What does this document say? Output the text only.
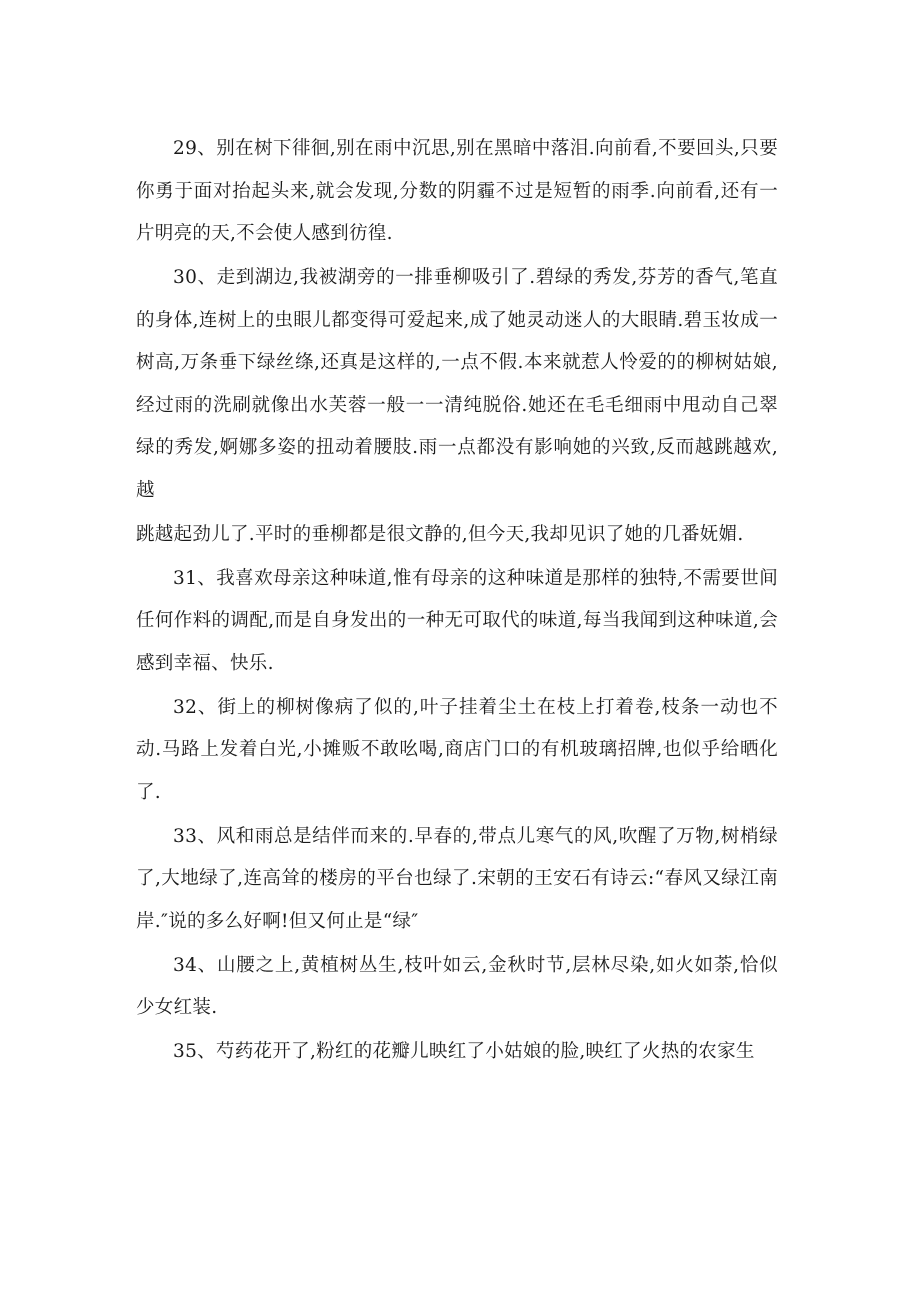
29、别在树下徘徊,别在雨中沉思,别在黑暗中落泪.向前看,不要回头,只要你勇于面对抬起头来,就会发现,分数的阴霾不过是短暂的雨季.向前看,还有一片明亮的天,不会使人感到彷徨.

30、走到湖边,我被湖旁的一排垂柳吸引了.碧绿的秀发,芬芳的香气,笔直的身体,连树上的虫眼儿都变得可爱起来,成了她灵动迷人的大眼睛.碧玉妆成一树高,万条垂下绿丝绦,还真是这样的,一点不假.本来就惹人怜爱的的柳树姑娘,经过雨的洗刷就像出水芙蓉一般一一清纯脱俗.她还在毛毛细雨中甩动自己翠绿的秀发,婀娜多姿的扭动着腰肢.雨一点都没有影响她的兴致,反而越跳越欢,越

跳越起劲儿了.平时的垂柳都是很文静的,但今天,我却见识了她的几番妩媚.

31、我喜欢母亲这种味道,惟有母亲的这种味道是那样的独特,不需要世间任何作料的调配,而是自身发出的一种无可取代的味道,每当我闻到这种味道,会感到幸福、快乐.

32、街上的柳树像病了似的,叶子挂着尘土在枝上打着卷,枝条一动也不动.马路上发着白光,小摊贩不敢吆喝,商店门口的有机玻璃招牌,也似乎给晒化了.

33、风和雨总是结伴而来的.早春的,带点儿寒气的风,吹醒了万物,树梢绿了,大地绿了,连高耸的楼房的平台也绿了.宋朝的王安石有诗云:“春风又绿江南岸.″说的多么好啊!但又何止是“绿″

34、山腰之上,黄植树丛生,枝叶如云,金秋时节,层林尽染,如火如荼,恰似少女红装.

35、芍药花开了,粉红的花瓣儿映红了小姑娘的脸,映红了火热的农家生
